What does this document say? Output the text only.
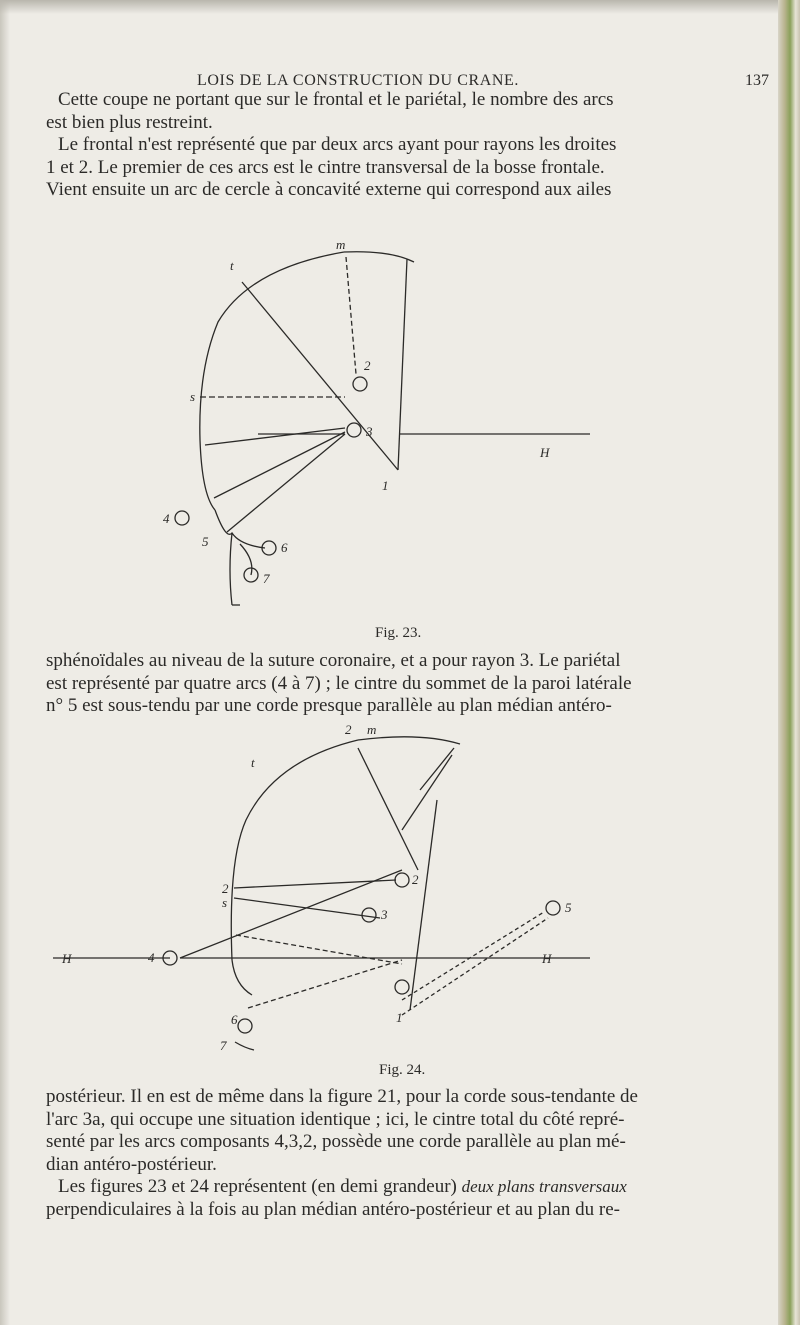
LOIS DE LA CONSTRUCTION DU CRANE.	137
Cette coupe ne portant que sur le frontal et le pariétal, le nombre des arcs
est bien plus restreint.
Le frontal n'est représenté que par deux arcs ayant pour rayons les droites
1 et 2. Le premier de ces arcs est le cintre transversal de la bosse frontale.
Vient ensuite un arc de cercle à concavité externe qui correspond aux ailes
m
t
s
2
3
H
1
4
5	6
7
2 m
t
2
s
2
3	5
H	H
4
6	1
7
Fig. 23.
sphénoïdales au niveau de la suture coronaire, et a pour rayon 3. Le pariétal
est représenté par quatre arcs (4 à 7) ; le cintre du sommet de la paroi latérale
n° 5 est sous-tendu par une corde presque parallèle au plan médian antéro-
Fig. 24.
postérieur. Il en est de même dans la figure 21, pour la corde sous-tendante de
l'arc 3a, qui occupe une situation identique ; ici, le cintre total du côté repré-
senté par les arcs composants 4,3,2, possède une corde parallèle au plan mé-
dian antéro-postérieur.
Les figures 23 et 24 représentent (en demi grandeur) deux plans transversaux
perpendiculaires à la fois au plan médian antéro-postérieur et au plan du re-
